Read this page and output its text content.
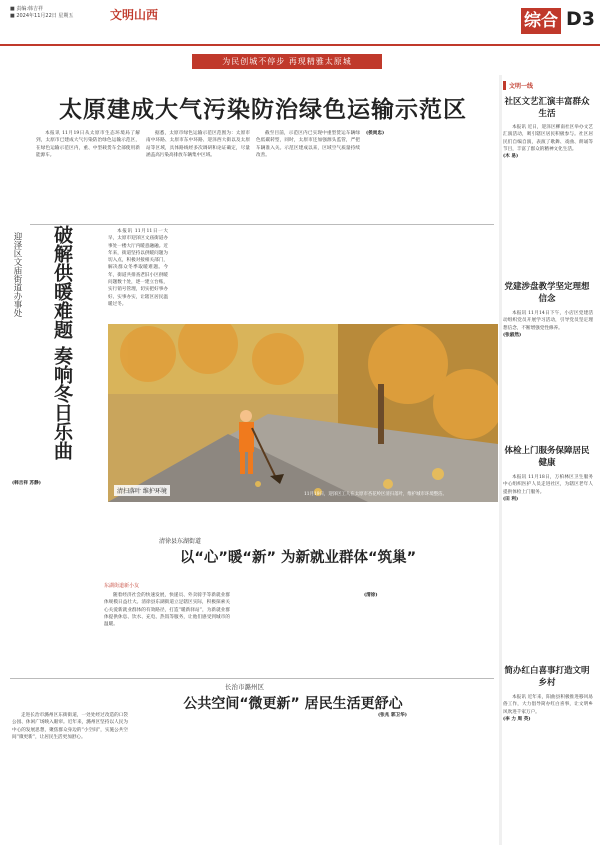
■ 责编:韩吉祥
■ 2024年11月22日 星期五	文明山西	综合 D3
为民创城不停步 再现精雅太原城
太原建成大气污染防治绿色运输示范区

本报讯 11月19日从太原市生态环境局了解到，太原市已建成大气污染防治绿色运输示范区，在绿色运输示范区内，重、中型载货车全部使用新能源车。

据悉，太原市绿色运输示范区范围为：太原市南中环路、太原市东中环路、迎泽西大街以及太原站等区域，具体路线经多次调研和论证确定，尽量涵盖高污染高排放车辆集中区域。

截至目前，示范区内已实现中重型货运车辆绿色低碳转型，同时，太原市还加强源头监管，严把车辆准入关。示范区建成以来，区域空气质量持续改善。

(侯尚忠)
破解供暖难题 奏响冬日乐曲
迎泽区文庙街道办事处

本报讯 11月11日一大早，太原市迎泽区文庙街道办事处一楼大厅内暖意融融。近年来，街道坚持以供暖问题为切入点，积极对接相关部门，解决群众冬季取暖难题。今年，街道共排查老旧小区供暖问题数十处，逐一建立台账，实行销号管理，切实把好事办好、实事办实，让辖区居民温暖过冬。

(韩吉祥 苏静)
清扫落叶 维护环境	11月19日，迎泽区工人在太原市杏花岭区清扫落叶，维护城市环境整洁。
文明一线
社区文艺汇演丰富群众生活

本报讯 近日，迎泽区柳南社区举办文艺汇演活动，吸引辖区居民积极参与。社区居民们自编自演，表演了歌舞、戏曲、朗诵等节目，丰富了群众的精神文化生活。

(木 易)
党建涉盘教学坚定理想信念

本报讯 11月14日下午，小店区党建活动组织党员开展学习活动，引导党员坚定理想信念，不断增强党性修养。

(张淑然)
体检上门服务保障居民健康

本报讯 11月18日，万柏林区卫生服务中心组织医护人员走进社区，为辖区老年人提供体检上门服务。

(田 利)
简办红白喜事打造文明乡村

本报讯 近年来，阳曲县积极推进移风易俗工作，大力倡导简办红白喜事，让文明乡风吹进千家万户。

(李 力 周 英)
清徐县东湖街道
以“心”暖“新” 为新就业群体“筑巢”
东湖街道新小友

随着经济社会的快速发展，快递员、外卖骑手等新就业群体规模日益壮大。清徐县东湖街道立足辖区实际，积极探索关心关爱新就业群体的有效路径，打造“暖新驿站”，为新就业群体提供休息、饮水、充电、热饭等服务，让他们感受到城市的温暖。

(清徐)
长治市潞州区
公共空间“微更新” 居民生活更舒心

走进长治市潞州区东街街道，一处处经过改造的口袋公园、休闲广场映入眼帘。近年来，潞州区坚持以人民为中心的发展思想，聚焦群众身边的“小空间”，实施公共空间“微更新”，让居民生活更加舒心。

(张兆 郭卫华)
